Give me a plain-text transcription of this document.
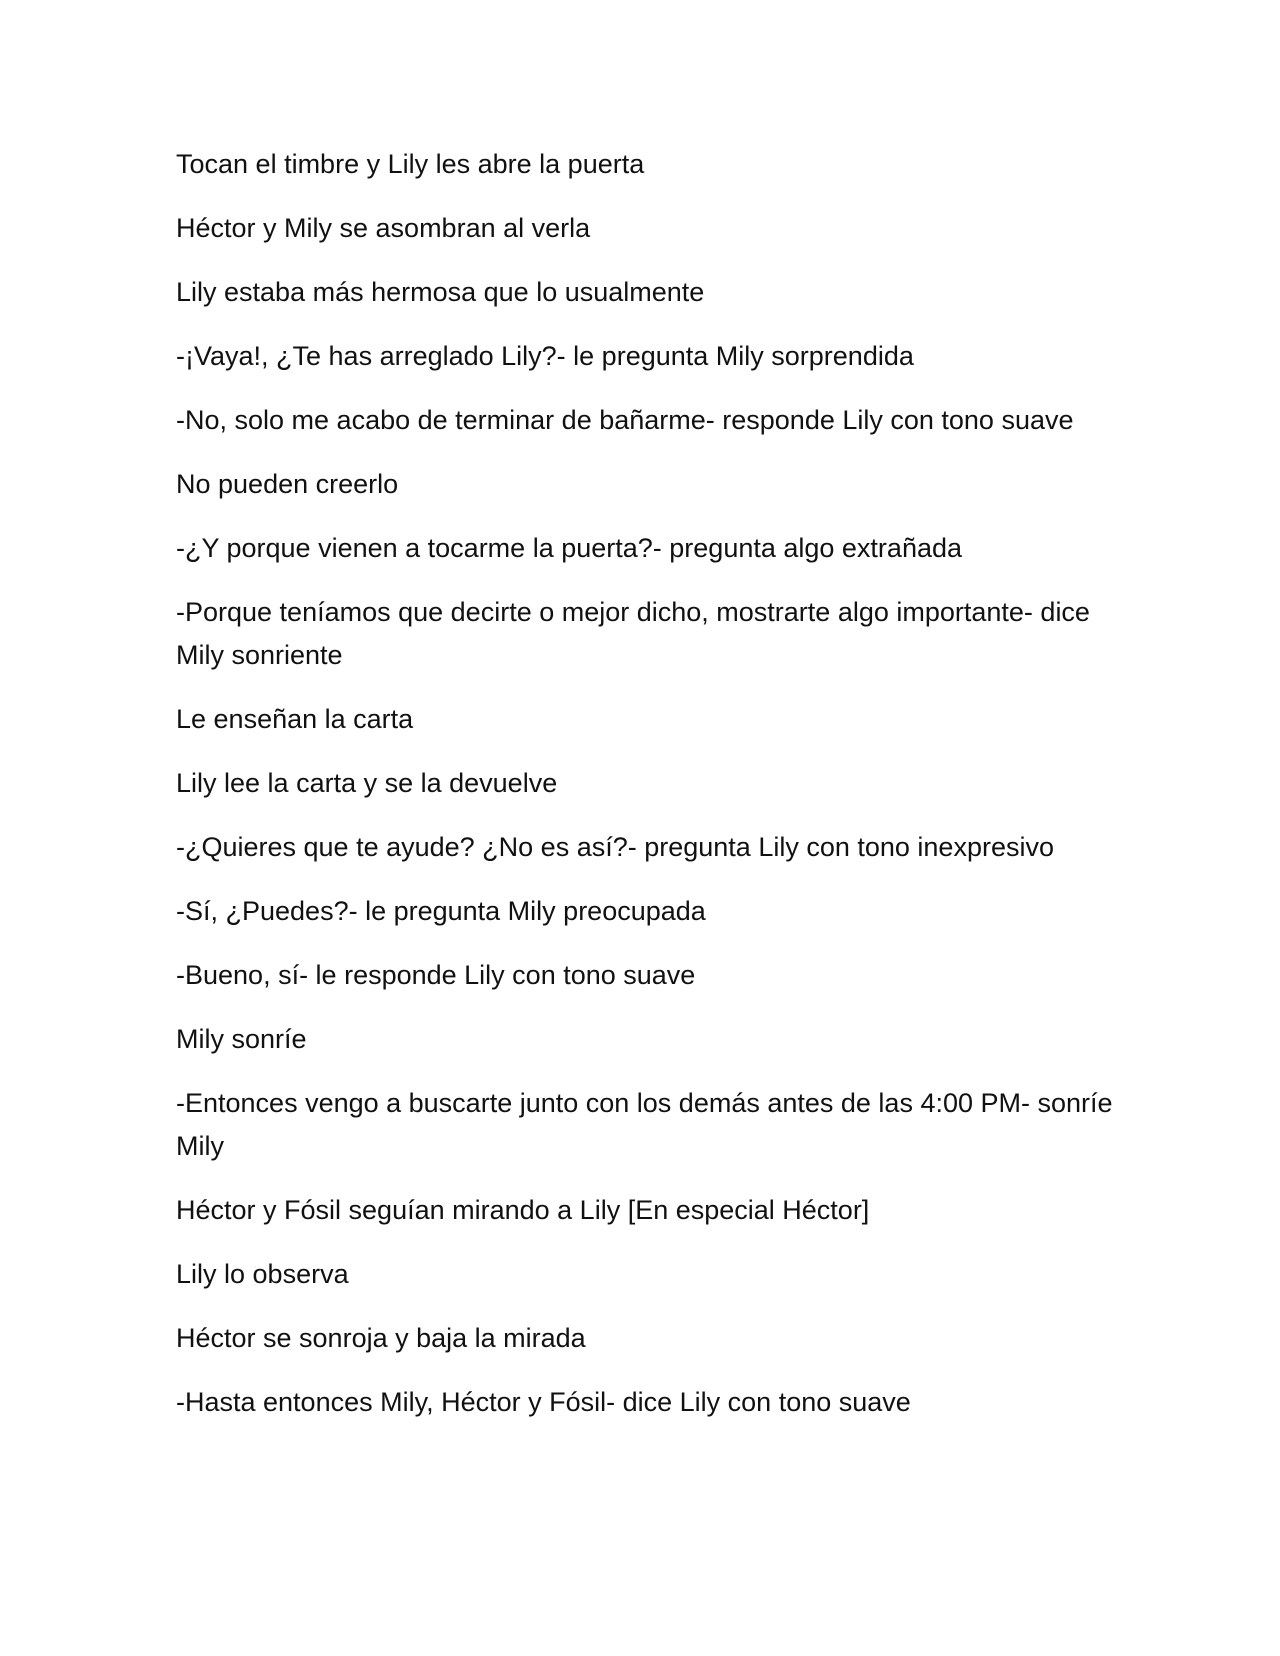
Tocan el timbre y Lily les abre la puerta

Héctor y Mily se asombran al verla

Lily estaba más hermosa que lo usualmente

-¡Vaya!, ¿Te has arreglado Lily?- le pregunta Mily sorprendida

-No, solo me acabo de terminar de bañarme- responde Lily con tono suave

No pueden creerlo

-¿Y porque vienen a tocarme la puerta?- pregunta algo extrañada

-Porque teníamos que decirte o mejor dicho, mostrarte algo importante- dice Mily sonriente

Le enseñan la carta

Lily lee la carta y se la devuelve

-¿Quieres que te ayude? ¿No es así?- pregunta Lily con tono inexpresivo

-Sí, ¿Puedes?- le pregunta Mily preocupada

-Bueno, sí- le responde Lily con tono suave

Mily sonríe

-Entonces vengo a buscarte junto con los demás antes de las 4:00 PM- sonríe Mily

Héctor y Fósil seguían mirando a Lily [En especial Héctor]

Lily lo observa

Héctor se sonroja y baja la mirada

-Hasta entonces Mily, Héctor y Fósil- dice Lily con tono suave
